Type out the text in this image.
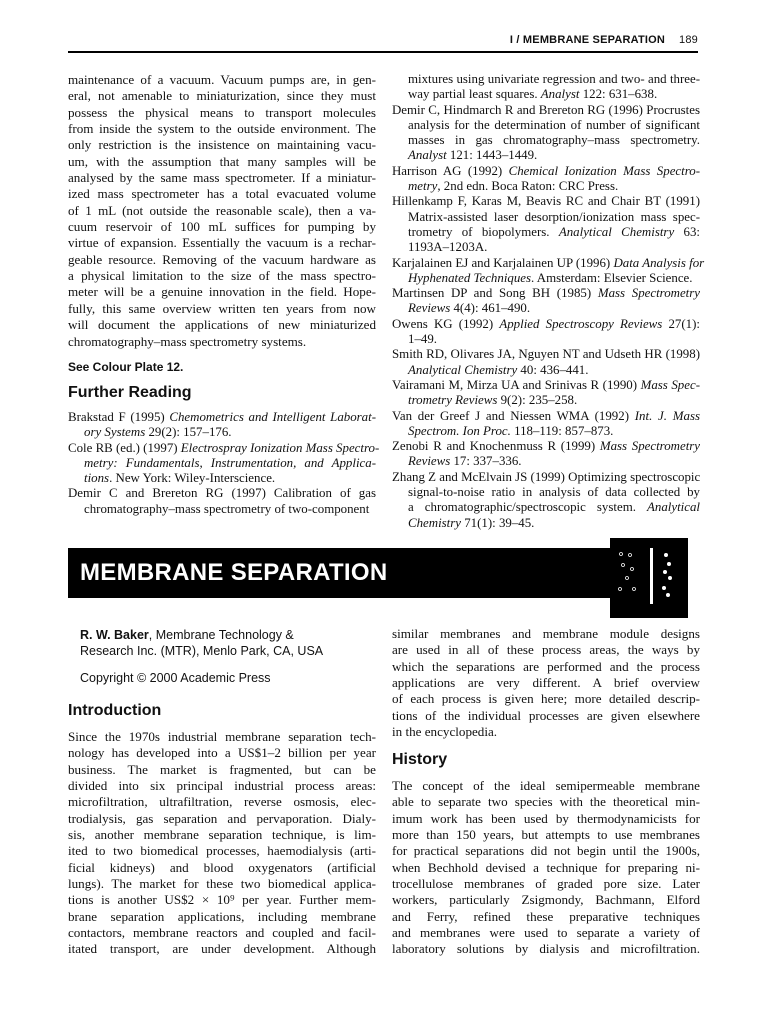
I / MEMBRANE SEPARATION 189
maintenance of a vacuum. Vacuum pumps are, in gen-
eral, not amenable to miniaturization, since they must
possess the physical means to transport molecules
from inside the system to the outside environment. The
only restriction is the insistence on maintaining vacu-
um, with the assumption that many samples will be
analysed by the same mass spectrometer. If a miniatur-
ized mass spectrometer has a total evacuated volume
of 1 mL (not outside the reasonable scale), then a va-
cuum reservoir of 100 mL suffices for pumping by
virtue of expansion. Essentially the vacuum is a rechar-
geable resource. Removing of the vacuum hardware as
a physical limitation to the size of the mass spectro-
meter will be a genuine innovation in the field. Hope-
fully, this same overview written ten years from now
will document the applications of new miniaturized
chromatography–mass spectrometry systems.
See Colour Plate 12.
Further Reading
Brakstad F (1995) Chemometrics and Intelligent Laborat-
ory Systems 29(2): 157–176.
Cole RB (ed.) (1997) Electrospray Ionization Mass Spectro-
metry: Fundamentals, Instrumentation, and Applica-
tions. New York: Wiley-Interscience.
Demir C and Brereton RG (1997) Calibration of gas
chromatography–mass spectrometry of two-component
mixtures using univariate regression and two- and three-
way partial least squares. Analyst 122: 631–638.
Demir C, Hindmarch R and Brereton RG (1996) Procrustes
analysis for the determination of number of significant
masses in gas chromatography–mass spectrometry.
Analyst 121: 1443–1449.
Harrison AG (1992) Chemical Ionization Mass Spectro-
metry, 2nd edn. Boca Raton: CRC Press.
Hillenkamp F, Karas M, Beavis RC and Chair BT (1991)
Matrix-assisted laser desorption/ionization mass spec-
trometry of biopolymers. Analytical Chemistry 63:
1193A–1203A.
Karjalainen EJ and Karjalainen UP (1996) Data Analysis for
Hyphenated Techniques. Amsterdam: Elsevier Science.
Martinsen DP and Song BH (1985) Mass Spectrometry
Reviews 4(4): 461–490.
Owens KG (1992) Applied Spectroscopy Reviews 27(1):
1–49.
Smith RD, Olivares JA, Nguyen NT and Udseth HR (1998)
Analytical Chemistry 40: 436–441.
Vairamani M, Mirza UA and Srinivas R (1990) Mass Spec-
trometry Reviews 9(2): 235–258.
Van der Greef J and Niessen WMA (1992) Int. J. Mass
Spectrom. Ion Proc. 118–119: 857–873.
Zenobi R and Knochenmuss R (1999) Mass Spectrometry
Reviews 17: 337–336.
Zhang Z and McElvain JS (1999) Optimizing spectroscopic
signal-to-noise ratio in analysis of data collected by
a chromatographic/spectroscopic system. Analytical
Chemistry 71(1): 39–45.
MEMBRANE SEPARATION
R. W. Baker, Membrane Technology &
Research Inc. (MTR), Menlo Park, CA, USA
Copyright © 2000 Academic Press
Introduction
Since the 1970s industrial membrane separation tech-
nology has developed into a US$1–2 billion per year
business. The market is fragmented, but can be
divided into six principal industrial process areas:
microfiltration, ultrafiltration, reverse osmosis, elec-
trodialysis, gas separation and pervaporation. Dialy-
sis, another membrane separation technique, is lim-
ited to two biomedical processes, haemodialysis (arti-
ficial kidneys) and blood oxygenators (artificial
lungs). The market for these two biomedical applica-
tions is another US$2 × 10⁹ per year. Further mem-
brane separation applications, including membrane
contactors, membrane reactors and coupled and facil-
itated transport, are under development. Although
similar membranes and membrane module designs
are used in all of these process areas, the ways by
which the separations are performed and the process
applications are very different. A brief overview
of each process is given here; more detailed descrip-
tions of the individual processes are given elsewhere
in the encyclopedia.
History
The concept of the ideal semipermeable membrane
able to separate two species with the theoretical min-
imum work has been used by thermodynamicists for
more than 150 years, but attempts to use membranes
for practical separations did not begin until the 1900s,
when Bechhold devised a technique for preparing ni-
trocellulose membranes of graded pore size. Later
workers, particularly Zsigmondy, Bachmann, Elford
and Ferry, refined these preparative techniques
and membranes were used to separate a variety of
laboratory solutions by dialysis and microfiltration.
